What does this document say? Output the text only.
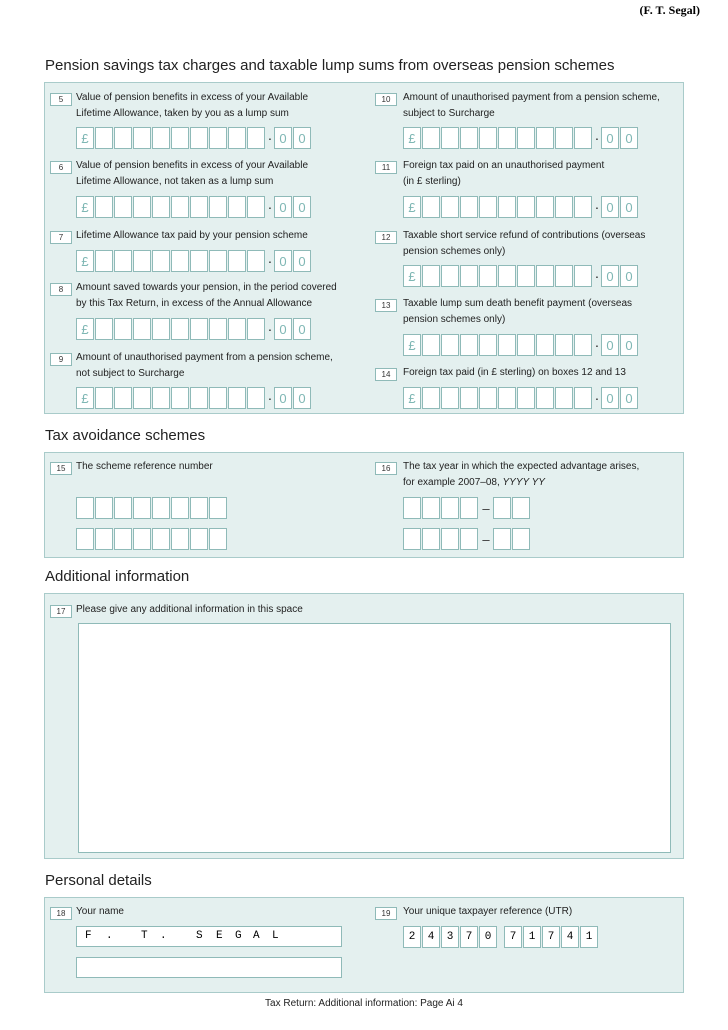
(F. T. Segal)
Pension savings tax charges and taxable lump sums from overseas pension schemes
5	Value of pension benefits in excess of your Available
Lifetime Allowance, taken by you as a lump sum
£	· 0 0
6	Value of pension benefits in excess of your Available
Lifetime Allowance, not taken as a lump sum
£	· 0 0
7	Lifetime Allowance tax paid by your pension scheme
£	· 0 0
8	Amount saved towards your pension, in the period covered
by this Tax Return, in excess of the Annual Allowance
£	· 0 0
9	Amount of unauthorised payment from a pension scheme,
not subject to Surcharge
£	· 0 0
10	Amount of unauthorised payment from a pension scheme,
subject to Surcharge
£	· 0 0
11	Foreign tax paid on an unauthorised payment
(in £ sterling)
£	· 0 0
12	Taxable short service refund of contributions (overseas
pension schemes only)
£	· 0 0
13	Taxable lump sum death benefit payment (overseas
pension schemes only)
£	· 0 0
14	Foreign tax paid (in £ sterling) on boxes 12 and 13
£	· 0 0
Tax avoidance schemes
15	The scheme reference number	16	The tax year in which the expected advantage arises,
for example 2007–08, YYYY YY
–
–
Additional information
17	Please give any additional information in this space
Personal details
18	Your name
F .	T .	S E G A L
19	Your unique taxpayer reference (UTR)
2	4	3	7	0	7	1	7	4	1
Tax Return: Additional information: Page Ai 4
